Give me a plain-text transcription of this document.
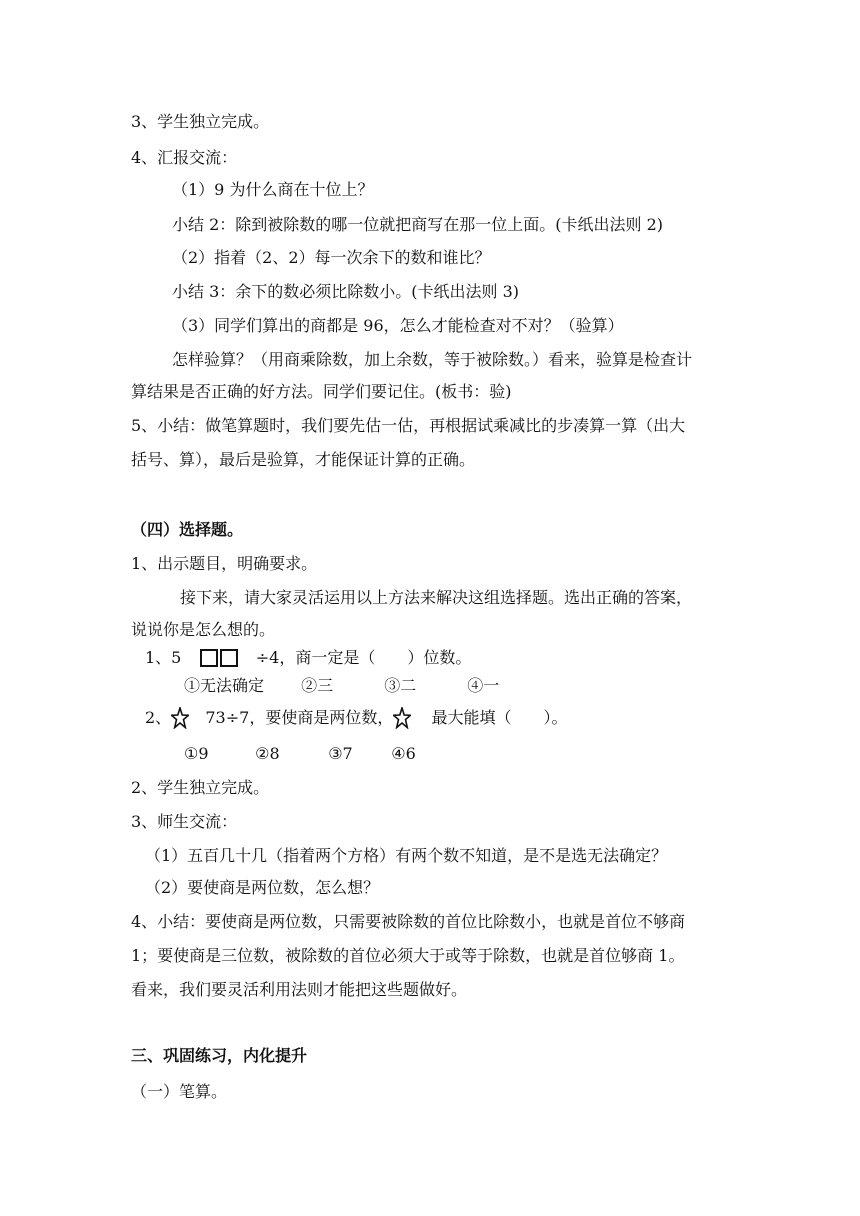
3、学生独立完成。
4、汇报交流：
（1）9 为什么商在十位上？
小结 2：除到被除数的哪一位就把商写在那一位上面。(卡纸出法则 2)
（2）指着（2、2）每一次余下的数和谁比？
小结 3：余下的数必须比除数小。(卡纸出法则 3)
（3）同学们算出的商都是 96，怎么才能检查对不对？（验算）
怎样验算？（用商乘除数，加上余数，等于被除数。）看来，验算是检查计
算结果是否正确的好方法。同学们要记住。(板书：验)
5、小结：做笔算题时，我们要先估一估，再根据试乘减比的步凑算一算（出大
括号、算），最后是验算，才能保证计算的正确。
（四）选择题。
1、出示题目，明确要求。
接下来，请大家灵活运用以上方法来解决这组选择题。选出正确的答案，
说说你是怎么想的。
1、5	÷4，商一定是（　　）位数。
①无法确定 ②三	③二	④一
2、 73÷7，要使商是两位数， 最大能填（　　）。
①9	②8	③7 ④6
2、学生独立完成。
3、师生交流：
（1）五百几十几（指着两个方格）有两个数不知道，是不是选无法确定？
（2）要使商是两位数，怎么想？
4、小结：要使商是两位数，只需要被除数的首位比除数小，也就是首位不够商
1；要使商是三位数，被除数的首位必须大于或等于除数，也就是首位够商 1。
看来，我们要灵活利用法则才能把这些题做好。
三、巩固练习，内化提升
（一）笔算。
